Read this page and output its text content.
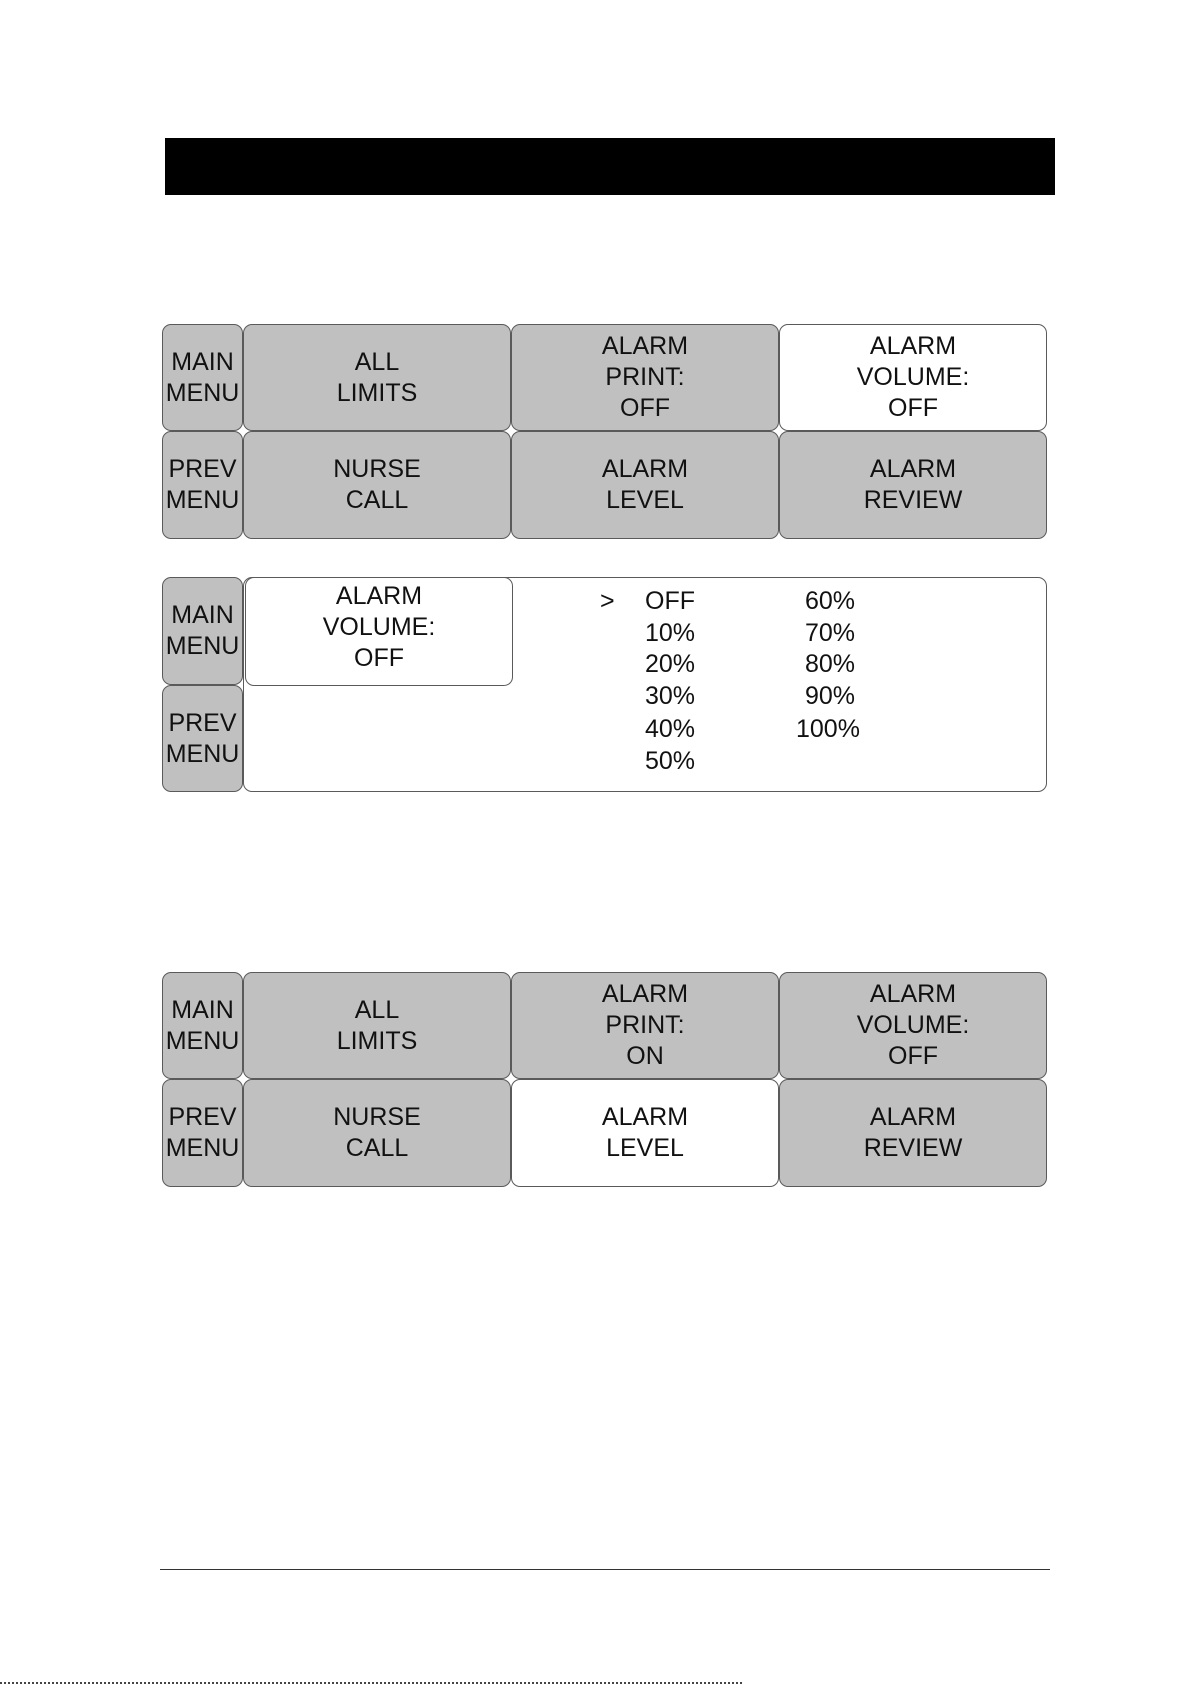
MAIN
MENU
ALL
LIMITS
ALARM
PRINT:
OFF
ALARM
VOLUME:
OFF
PREV
MENU
NURSE
CALL
ALARM
LEVEL
ALARM
REVIEW
MAIN
MENU
PREV
MENU
ALARM
VOLUME:
OFF
> OFF
10%
20%
30%
40%
50%
60%
70%
80%
90%
100%
MAIN
MENU
ALL
LIMITS
ALARM
PRINT:
ON
ALARM
VOLUME:
OFF
PREV
MENU
NURSE
CALL
ALARM
LEVEL
ALARM
REVIEW
